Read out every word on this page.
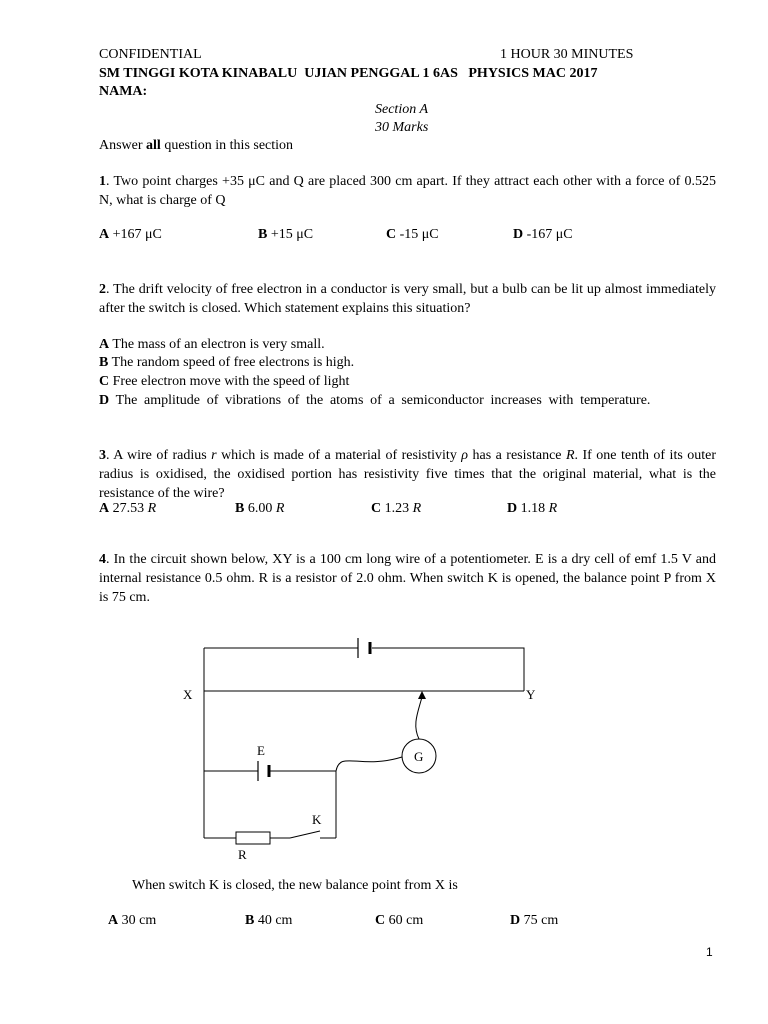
CONFIDENTIAL	1 HOUR 30 MINUTES
SM TINGGI KOTA KINABALU  UJIAN PENGGAL 1 6AS   PHYSICS MAC 2017
NAMA:
Section A
30 Marks
Answer all question in this section
1. Two point charges +35 μC and Q are placed 300 cm apart. If they attract each other with a force of 0.525 N, what is charge of Q
A +167 μC	B +15 μC	C -15 μC	D -167 μC
2. The drift velocity of free electron in a conductor is very small, but a bulb can be lit up almost immediately after the switch is closed. Which statement explains this situation?
A The mass of an electron is very small.
B The random speed of free electrons is high.
C Free electron move with the speed of light
D The amplitude of vibrations of the atoms of a semiconductor increases with temperature.
3. A wire of radius r which is made of a material of resistivity ρ has a resistance R. If one tenth of its outer radius is oxidised, the oxidised portion has resistivity five times that the original material, what is the resistance of the wire?
A 27.53 R	B 6.00 R	C 1.23 R	D 1.18 R
4. In the circuit shown below, XY is a 100 cm long wire of a potentiometer. E is a dry cell of emf 1.5 V and internal resistance 0.5 ohm. R is a resistor of 2.0 ohm. When switch K is opened, the balance point P from X is 75 cm.
X	Y
E	G
K
R
When switch K is closed, the new balance point from X is
A 30 cm	B 40 cm	C 60 cm	D 75 cm
1
